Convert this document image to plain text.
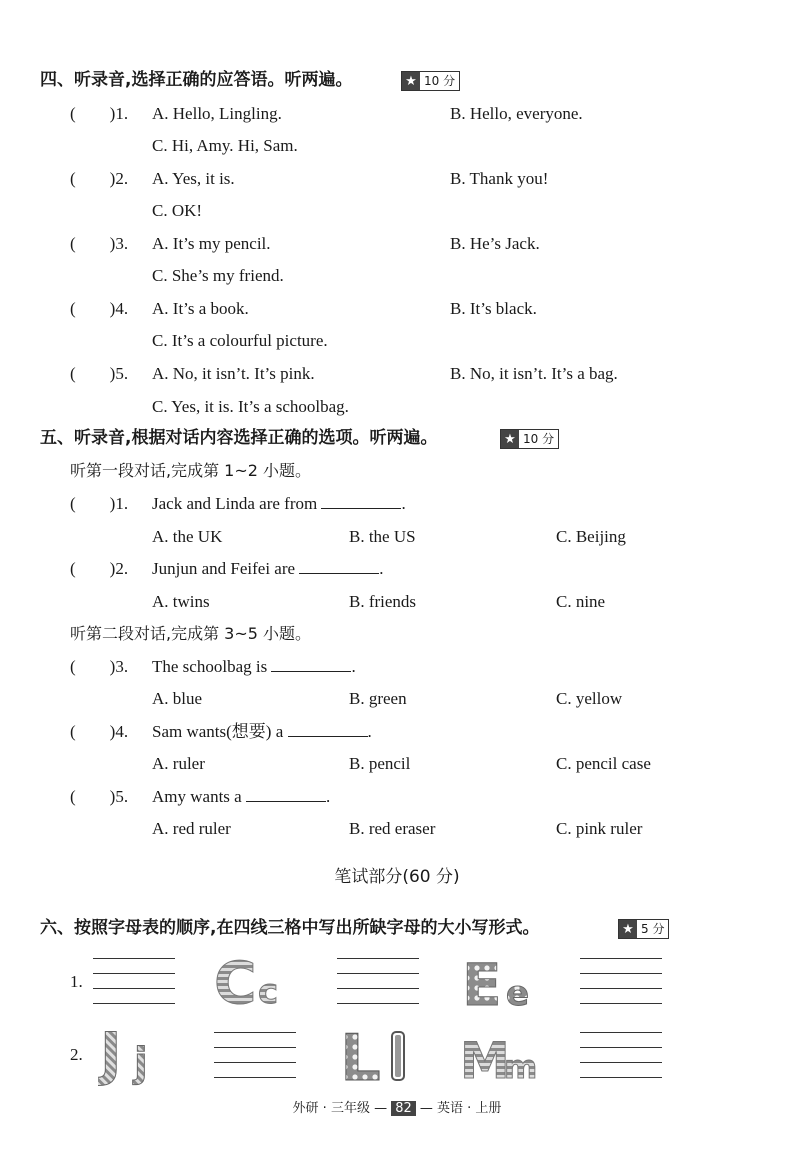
四、听录音,选择正确的应答语。听两遍。	★ 10 分
(　　)1. A. Hello, Lingling.	B. Hello, everyone.
C. Hi, Amy. Hi, Sam.
(　　)2. A. Yes, it is.	B. Thank you!
C. OK!
(　　)3. A. It’s my pencil.	B. He’s Jack.
C. She’s my friend.
(　　)4. A. It’s a book.	B. It’s black.
C. It’s a colourful picture.
(　　)5. A. No, it isn’t. It’s pink.	B. No, it isn’t. It’s a bag.
C. Yes, it is. It’s a schoolbag.
五、听录音,根据对话内容选择正确的选项。听两遍。	★ 10 分
听第一段对话,完成第 1~2 小题。
(　　)1. Jack and Linda are from	.
A. the UK	B. the US	C. Beijing
(　　)2. Junjun and Feifei are	.
A. twins	B. friends	C. nine
听第二段对话,完成第 3~5 小题。
(　　)3. The schoolbag is	.
A. blue	B. green	C. yellow
(　　)4. Sam wants(想要) a	.
A. ruler	B. pencil	C. pencil case
(　　)5. Amy wants a	.
A. red ruler	B. red eraser	C. pink ruler
笔试部分(60 分)
六、按照字母表的顺序,在四线三格中写出所缺字母的大小写形式。	★ 5 分
1.
2.
C c	E e
J j	L M
m
外研 · 三年级 — 82 — 英语 · 上册
